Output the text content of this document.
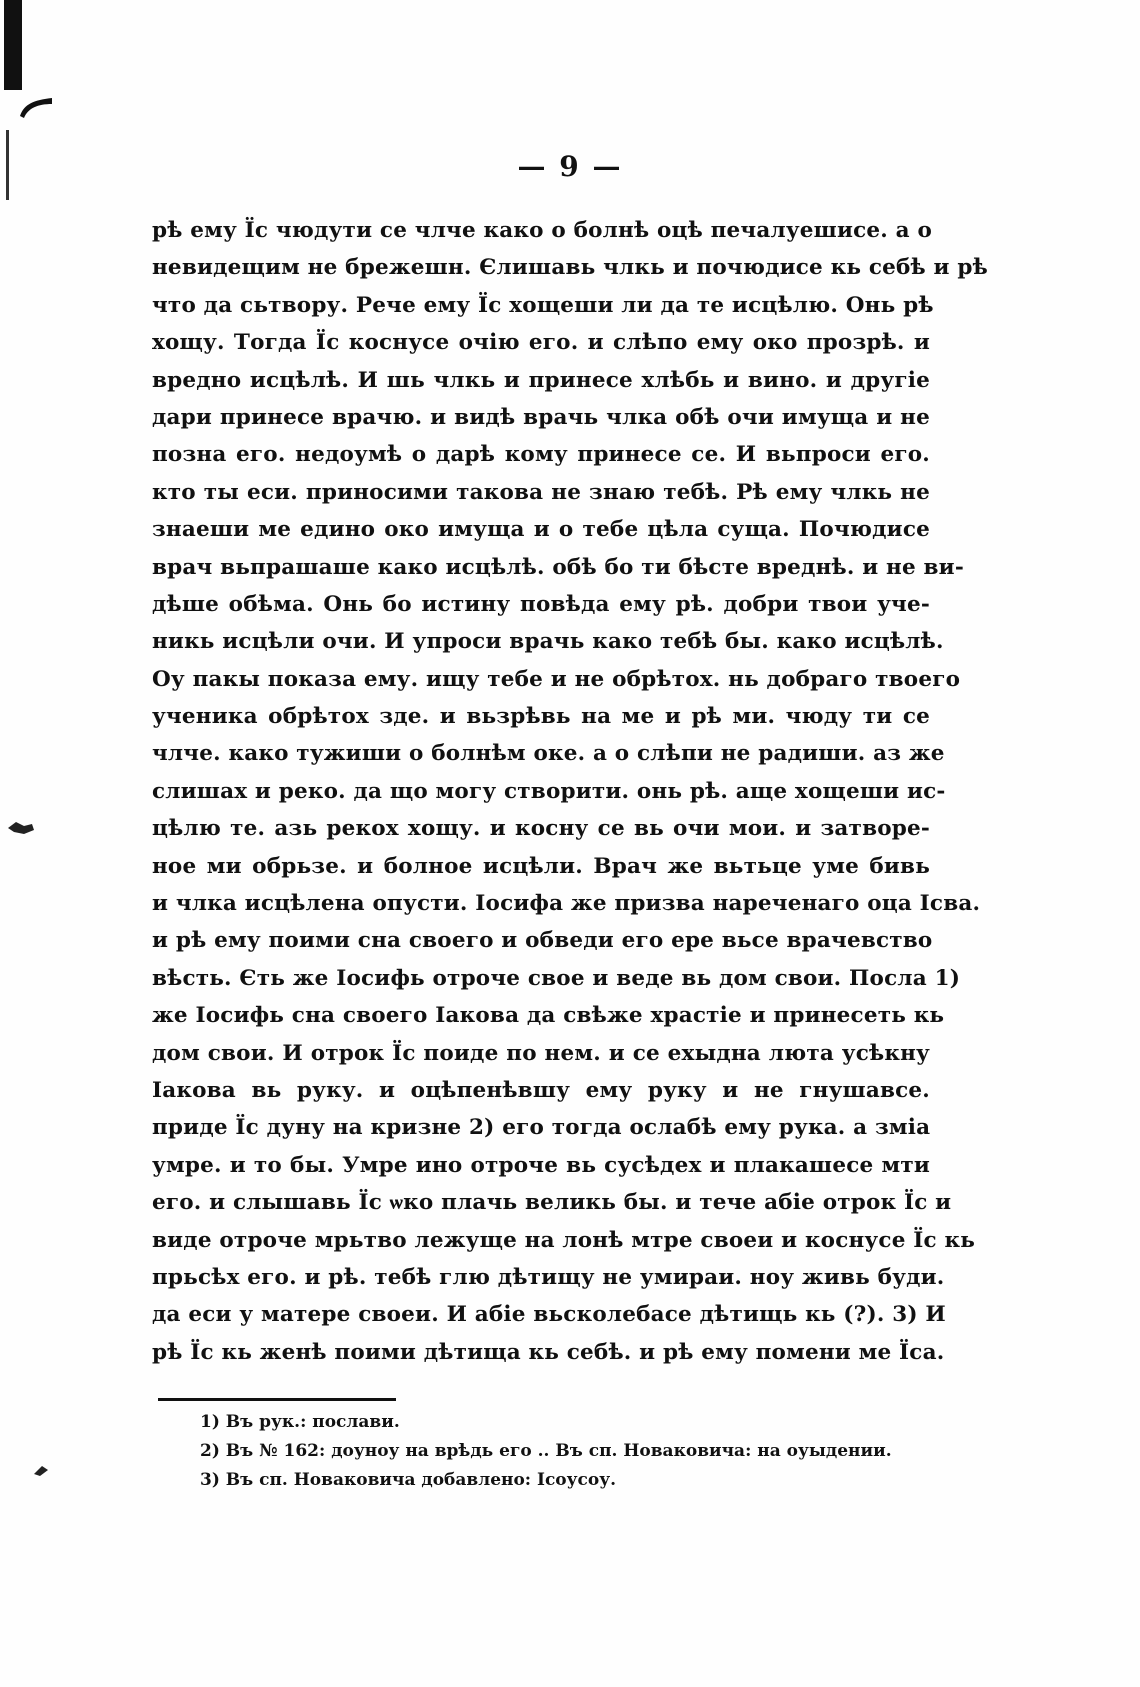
— 9 —
рѣ ему Їс чюдути се члче како о болнѣ оцѣ печалуешисе. а о
невидещим не брежешн. Єлишавь члкь и почюдисе кь себѣ и рѣ
что да сьтвору. Рече ему Їс хощеши ли да те исцѣлю. Онь рѣ
хощу. Тогда Їс коснусе очію его. и слѣпо ему око прозрѣ. и
вредно исцѣлѣ. И шь члкь и принесе хлѣбь и вино. и другіе
дари принесе врачю. и видѣ врачь члка обѣ очи имуща и не
позна его. недоумѣ о дарѣ кому принесе се. И вьпроси его.
кто ты еси. приносими такова не знаю тебѣ. Рѣ ему члкь не
знаеши ме едино око имуща и о тебе цѣла суща. Почюдисе
врач вьпрашаше како исцѣлѣ. обѣ бо ти бѣсте вреднѣ. и не ви-
дѣше обѣма. Онь бо истину повѣда ему рѣ. добри твои уче-
никь исцѣли очи. И упроси врачь како тебѣ бы. како исцѣлѣ.
Оу пакы показа ему. ищу тебе и не обрѣтох. нь добраго твоего
ученика обрѣтох зде. и вьзрѣвь на ме и рѣ ми. чюду ти се
члче. како тужиши о болнѣм оке. а о слѣпи не радиши. аз же
слишах и реко. да що могу створити. онь рѣ. аще хощеши ис-
цѣлю те. азь рекох хощу. и косну се вь очи мои. и затворе-
ное ми обрьзе. и болное исцѣли. Врач же вьтьце уме бивь
и члка исцѣлена опусти. Іосифа же призва нареченаго оца Ісва.
и рѣ ему поими сна своего и обведи его ере вьсе врачевство
вѣсть. Єть же Іосифь отроче свое и веде вь дом свои. Посла 1)
же Іосифь сна своего Іакова да свѣже храстіе и принесеть кь
дом свои. И отрок Їс поиде по нем. и се ехыдна люта усѣкну
Іакова вь руку. и оцѣпенѣвшу ему руку и не гнушавсе.
приде Їс дуну на кризне 2) его тогда ослабѣ ему рука. а зміа
умре. и то бы. Умре ино отроче вь сусѣдех и плакашесе мти
его. и слышавь Їс ѡко плачь великь бы. и тече абіе отрок Їс и
виде отроче мрьтво лежуще на лонѣ мтре своеи и коснусе Їс кь
прьсѣх его. и рѣ. тебѣ глю дѣтищу не умираи. ноу живь буди.
да еси у матере своеи. И абіе вьсколебасе дѣтищь кь (?). 3) И
рѣ Їс кь женѣ поими дѣтища кь себѣ. и рѣ ему помени ме Їса.
1) Въ рук.: послави.
2) Въ № 162: доуноу на врѣдь его .. Въ сп. Новаковича: на оуыдении.
3) Въ сп. Новаковича добавлено: Ісоусоу.
